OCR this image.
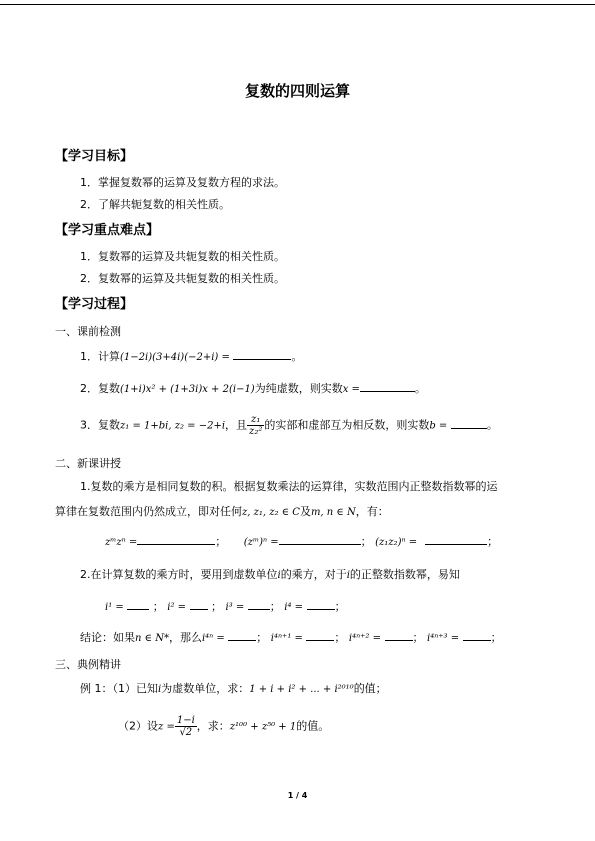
复数的四则运算
【学习目标】
1．掌握复数幂的运算及复数方程的求法。
2．了解共轭复数的相关性质。
【学习重点难点】
1．复数幂的运算及共轭复数的相关性质。
2．复数幂的运算及共轭复数的相关性质。
【学习过程】
一、课前检测
1．计算(1−2i)(3+4i)(−2+i) =	。
2．复数(1+i)x² + (1+3i)x + 2(i−1)为纯虚数，则实数x =	。
3．复数z₁ = 1+bi, z₂ = −2+i，且 $\frac{\text{z₁}}{\text{z₂²}}$ 的实部和虚部互为相反数，则实数b =	。
二、新课讲授
1.复数的乘方是相同复数的积。根据复数乘法的运算律，实数范围内正整数指数幂的运
算律在复数范围内仍然成立，即对任何z, z₁, z₂ ∈ C及m, n ∈ N，有：
zᵐzⁿ =	； (zᵐ)ⁿ =	； (z₁z₂)ⁿ =	；
2.在计算复数的乘方时，要用到虚数单位i的乘方，对于i的正整数指数幂，易知
i¹ =	； i² = ； i³ = ； i⁴ =	；
结论：如果n ∈ N*，那么i⁴ⁿ =	； i⁴ⁿ⁺¹ =	； i⁴ⁿ⁺² =	； i⁴ⁿ⁺³ =	；
三、典例精讲
例 1：（1）已知i为虚数单位，求：1 + i + i² + ... + i²⁰¹⁰的值；
（2）设$z = \frac{1-i}{√2}$ ，求：z¹⁰⁰ + z⁵⁰ + 1的值。
1 / 4
